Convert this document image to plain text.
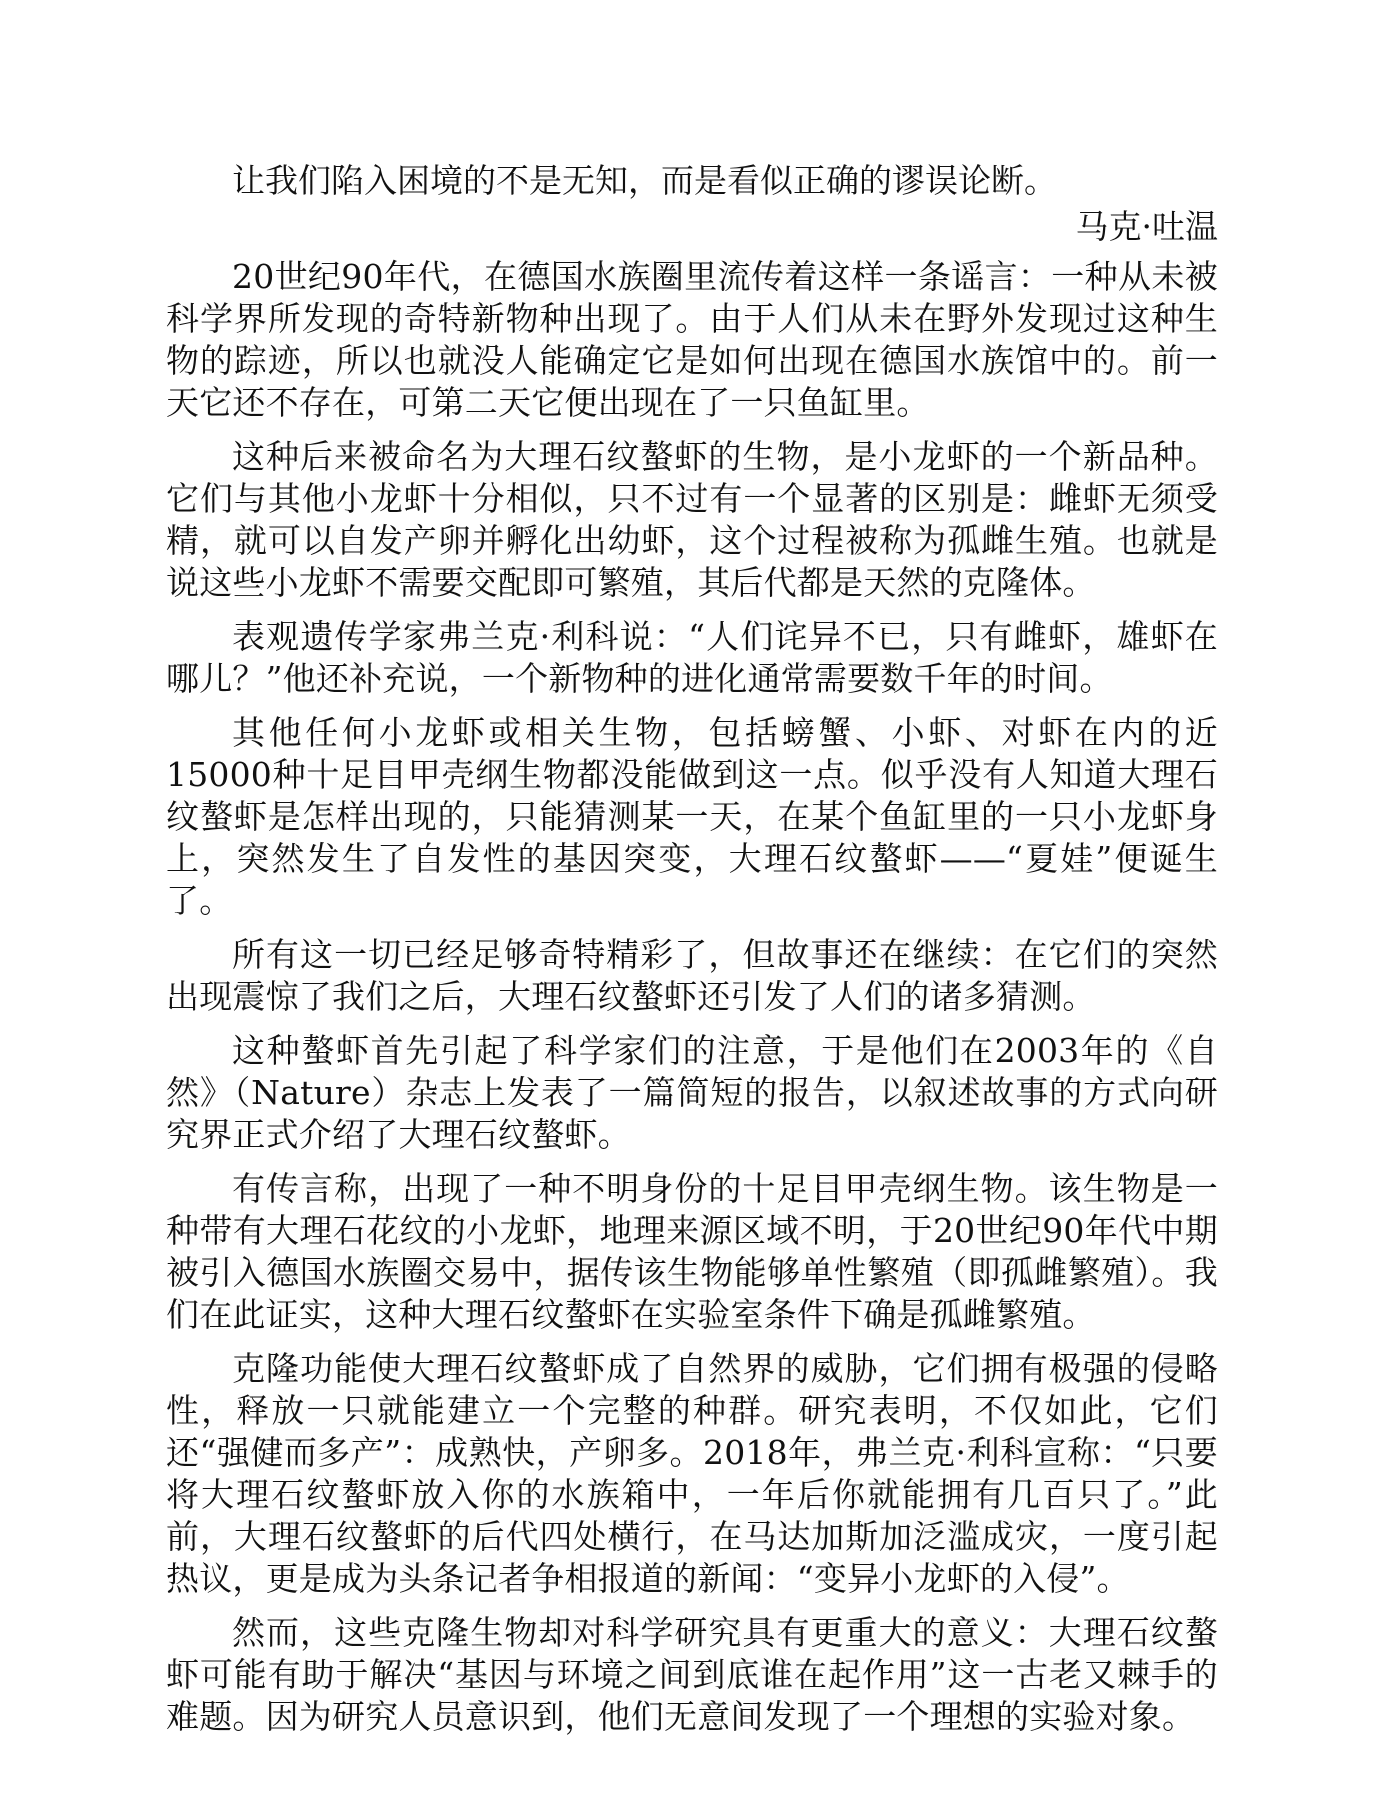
让我们陷入困境的不是无知，而是看似正确的谬误论断。

马克·吐温

20世纪90年代，在德国水族圈里流传着这样一条谣言：一种从未被科学界所发现的奇特新物种出现了。由于人们从未在野外发现过这种生物的踪迹，所以也就没人能确定它是如何出现在德国水族馆中的。前一天它还不存在，可第二天它便出现在了一只鱼缸里。

这种后来被命名为大理石纹螯虾的生物，是小龙虾的一个新品种。它们与其他小龙虾十分相似，只不过有一个显著的区别是：雌虾无须受精，就可以自发产卵并孵化出幼虾，这个过程被称为孤雌生殖。也就是说这些小龙虾不需要交配即可繁殖，其后代都是天然的克隆体。

表观遗传学家弗兰克·利科说：“人们诧异不已，只有雌虾，雄虾在哪儿？”他还补充说，一个新物种的进化通常需要数千年的时间。

其他任何小龙虾或相关生物，包括螃蟹、小虾、对虾在内的近15000种十足目甲壳纲生物都没能做到这一点。似乎没有人知道大理石纹螯虾是怎样出现的，只能猜测某一天，在某个鱼缸里的一只小龙虾身上，突然发生了自发性的基因突变，大理石纹螯虾——“夏娃”便诞生了。

所有这一切已经足够奇特精彩了，但故事还在继续：在它们的突然出现震惊了我们之后，大理石纹螯虾还引发了人们的诸多猜测。

这种螯虾首先引起了科学家们的注意，于是他们在2003年的《自然》（Nature）杂志上发表了一篇简短的报告，以叙述故事的方式向研究界正式介绍了大理石纹螯虾。

有传言称，出现了一种不明身份的十足目甲壳纲生物。该生物是一种带有大理石花纹的小龙虾，地理来源区域不明，于20世纪90年代中期被引入德国水族圈交易中，据传该生物能够单性繁殖（即孤雌繁殖）。我们在此证实，这种大理石纹螯虾在实验室条件下确是孤雌繁殖。

克隆功能使大理石纹螯虾成了自然界的威胁，它们拥有极强的侵略性，释放一只就能建立一个完整的种群。研究表明，不仅如此，它们还“强健而多产”：成熟快，产卵多。2018年，弗兰克·利科宣称：“只要将大理石纹螯虾放入你的水族箱中，一年后你就能拥有几百只了。”此前，大理石纹螯虾的后代四处横行，在马达加斯加泛滥成灾，一度引起热议，更是成为头条记者争相报道的新闻：“变异小龙虾的入侵”。

然而，这些克隆生物却对科学研究具有更重大的意义：大理石纹螯虾可能有助于解决“基因与环境之间到底谁在起作用”这一古老又棘手的难题。因为研究人员意识到，他们无意间发现了一个理想的实验对象。
